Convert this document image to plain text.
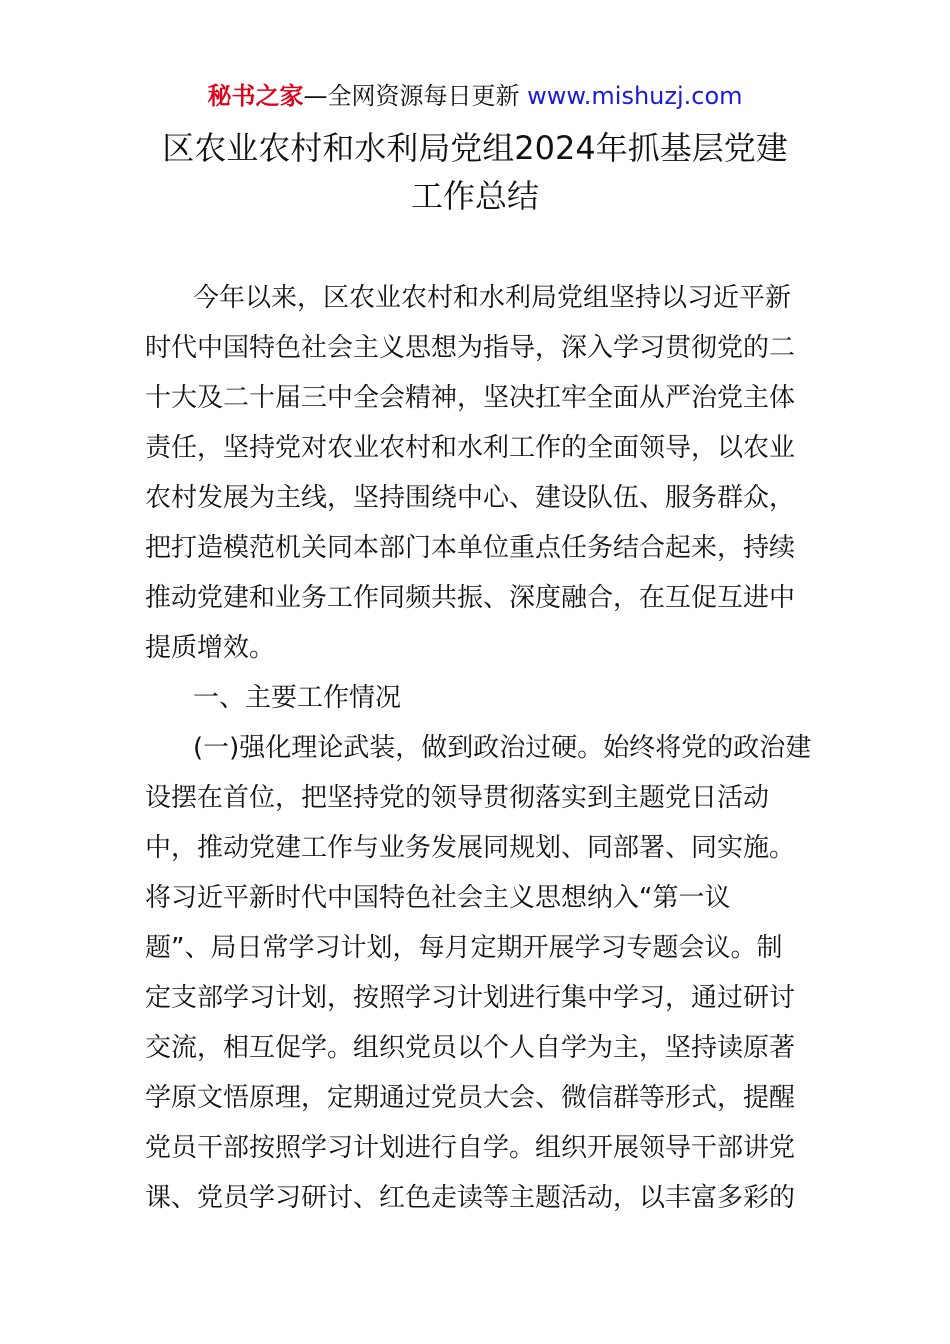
秘书之家—全网资源每日更新 www.mishuzj.com
区农业农村和水利局党组2024年抓基层党建
工作总结
今年以来，区农业农村和水利局党组坚持以习近平新
时代中国特色社会主义思想为指导，深入学习贯彻党的二
十大及二十届三中全会精神，坚决扛牢全面从严治党主体
责任，坚持党对农业农村和水利工作的全面领导，以农业
农村发展为主线，坚持围绕中心、建设队伍、服务群众，
把打造模范机关同本部门本单位重点任务结合起来，持续
推动党建和业务工作同频共振、深度融合，在互促互进中
提质增效。
一、主要工作情况
(一)强化理论武装，做到政治过硬。始终将党的政治建
设摆在首位，把坚持党的领导贯彻落实到主题党日活动
中，推动党建工作与业务发展同规划、同部署、同实施。
将习近平新时代中国特色社会主义思想纳入“第一议
题”、局日常学习计划，每月定期开展学习专题会议。制
定支部学习计划，按照学习计划进行集中学习，通过研讨
交流，相互促学。组织党员以个人自学为主，坚持读原著
学原文悟原理，定期通过党员大会、微信群等形式，提醒
党员干部按照学习计划进行自学。组织开展领导干部讲党
课、党员学习研讨、红色走读等主题活动，以丰富多彩的
